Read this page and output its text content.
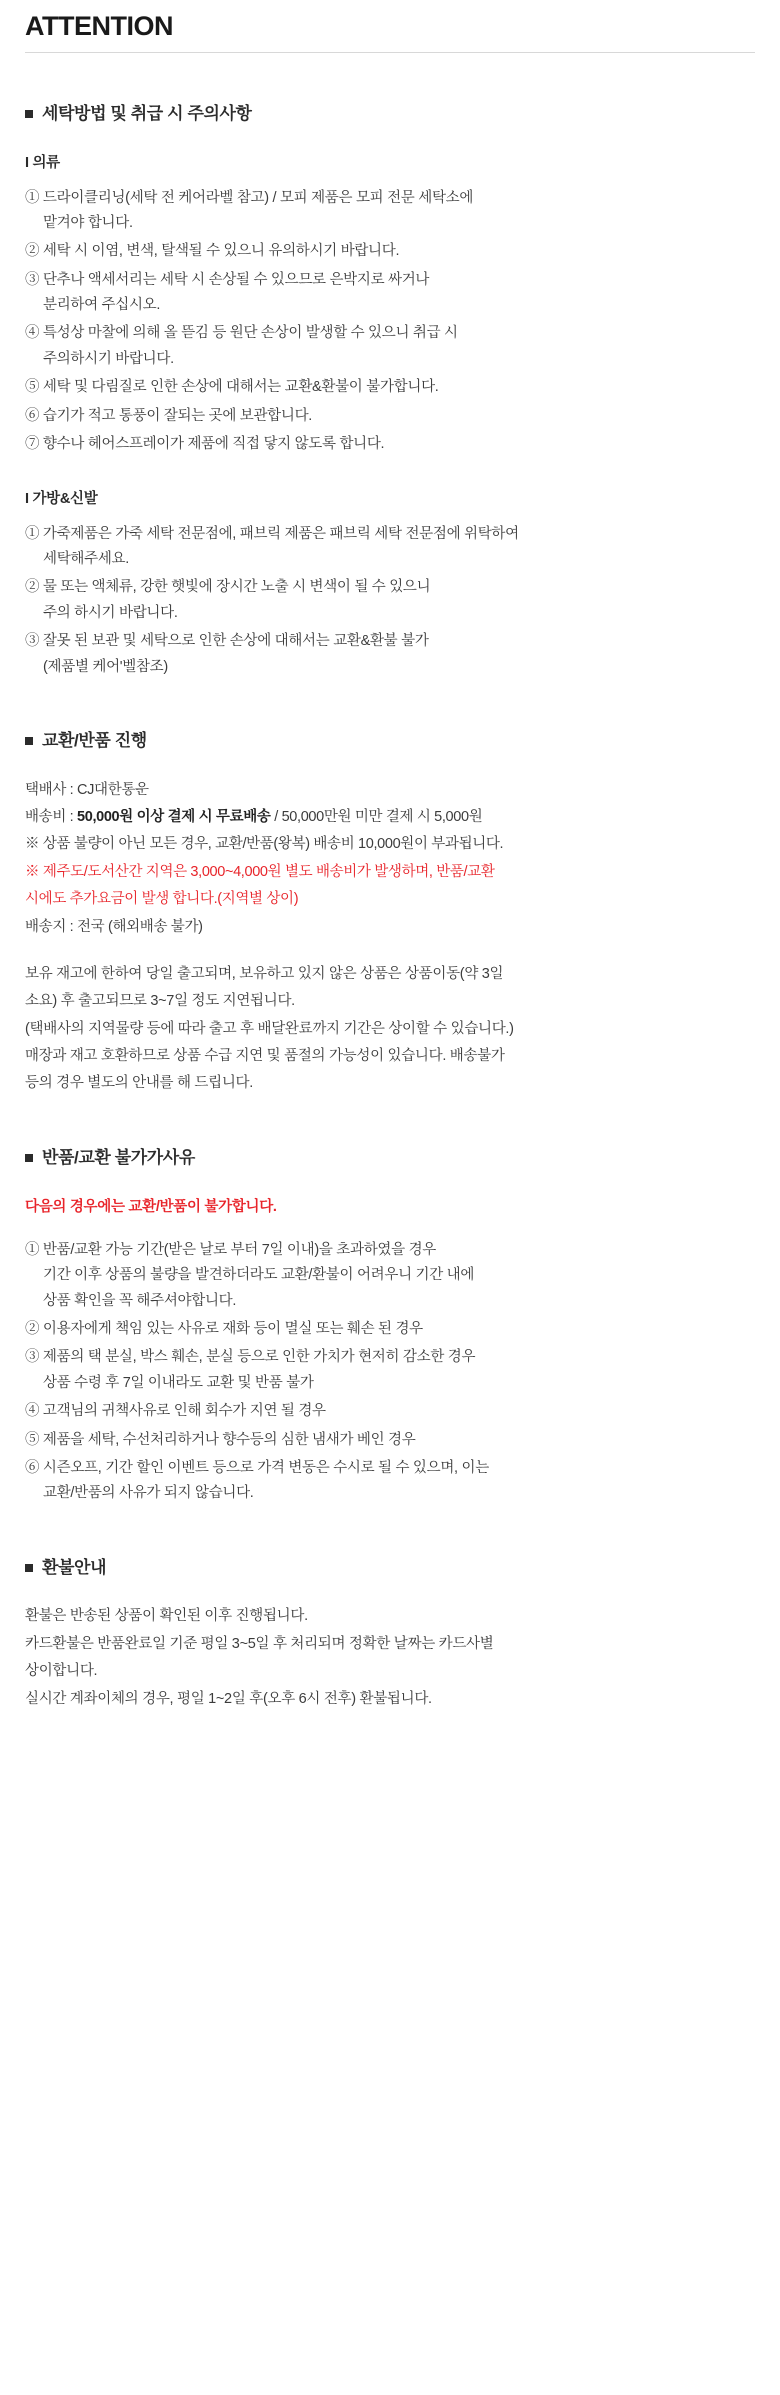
ATTENTION
세탁방법 및 취급 시 주의사항
I 의류
① 드라이클리닝(세탁 전 케어라벨 참고) / 모피 제품은 모피 전문 세탁소에
맡겨야 합니다.
② 세탁 시 이염, 변색, 탈색될 수 있으니 유의하시기 바랍니다.
③ 단추나 액세서리는 세탁 시 손상될 수 있으므로 은박지로 싸거나
분리하여 주십시오.
④ 특성상 마찰에 의해 올 뜯김 등 원단 손상이 발생할 수 있으니 취급 시
주의하시기 바랍니다.
⑤ 세탁 및 다림질로 인한 손상에 대해서는 교환&환불이 불가합니다.
⑥ 습기가 적고 통풍이 잘되는 곳에 보관합니다.
⑦ 향수나 헤어스프레이가 제품에 직접 닿지 않도록 합니다.
I 가방&신발
① 가죽제품은 가죽 세탁 전문점에, 패브릭 제품은 패브릭 세탁 전문점에 위탁하여
세탁해주세요.
② 물 또는 액체류, 강한 햇빛에 장시간 노출 시 변색이 될 수 있으니
주의 하시기 바랍니다.
③ 잘못 된 보관 및 세탁으로 인한 손상에 대해서는 교환&환불 불가
(제품별 케어'벨참조)
교환/반품 진행

택배사 : CJ대한통운

배송비 : 50,000원 이상 결제 시 무료배송 / 50,000만원 미만 결제 시 5,000원

※ 상품 불량이 아닌 모든 경우, 교환/반품(왕복) 배송비 10,000원이 부과됩니다.

※ 제주도/도서산간 지역은 3,000~4,000원 별도 배송비가 발생하며, 반품/교환

시에도 추가요금이 발생 합니다.(지역별 상이)

배송지 : 전국 (해외배송 불가)

보유 재고에 한하여 당일 출고되며, 보유하고 있지 않은 상품은 상품이동(약 3일

소요) 후 출고되므로 3~7일 정도 지연됩니다.

(택배사의 지역물량 등에 따라 출고 후 배달완료까지 기간은 상이할 수 있습니다.)

매장과 재고 호환하므로 상품 수급 지연 및 품절의 가능성이 있습니다. 배송불가

등의 경우 별도의 안내를 해 드립니다.

반품/교환 불가가사유

다음의 경우에는 교환/반품이 불가합니다.

① 반품/교환 가능 기간(받은 날로 부터 7일 이내)을 초과하였을 경우
기간 이후 상품의 불량을 발견하더라도 교환/환불이 어려우니 기간 내에
상품 확인을 꼭 해주셔야합니다.
② 이용자에게 책임 있는 사유로 재화 등이 멸실 또는 훼손 된 경우
③ 제품의 택 분실, 박스 훼손, 분실 등으로 인한 가치가 현저히 감소한 경우
상품 수령 후 7일 이내라도 교환 및 반품 불가
④ 고객님의 귀책사유로 인해 회수가 지연 될 경우
⑤ 제품을 세탁, 수선처리하거나 향수등의 심한 냄새가 베인 경우
⑥ 시즌오프, 기간 할인 이벤트 등으로 가격 변동은 수시로 될 수 있으며, 이는
교환/반품의 사유가 되지 않습니다.
환불안내

환불은 반송된 상품이 확인된 이후 진행됩니다.

카드환불은 반품완료일 기준 평일 3~5일 후 처리되며 정확한 날짜는 카드사별

상이합니다.

실시간 계좌이체의 경우, 평일 1~2일 후(오후 6시 전후) 환불됩니다.
